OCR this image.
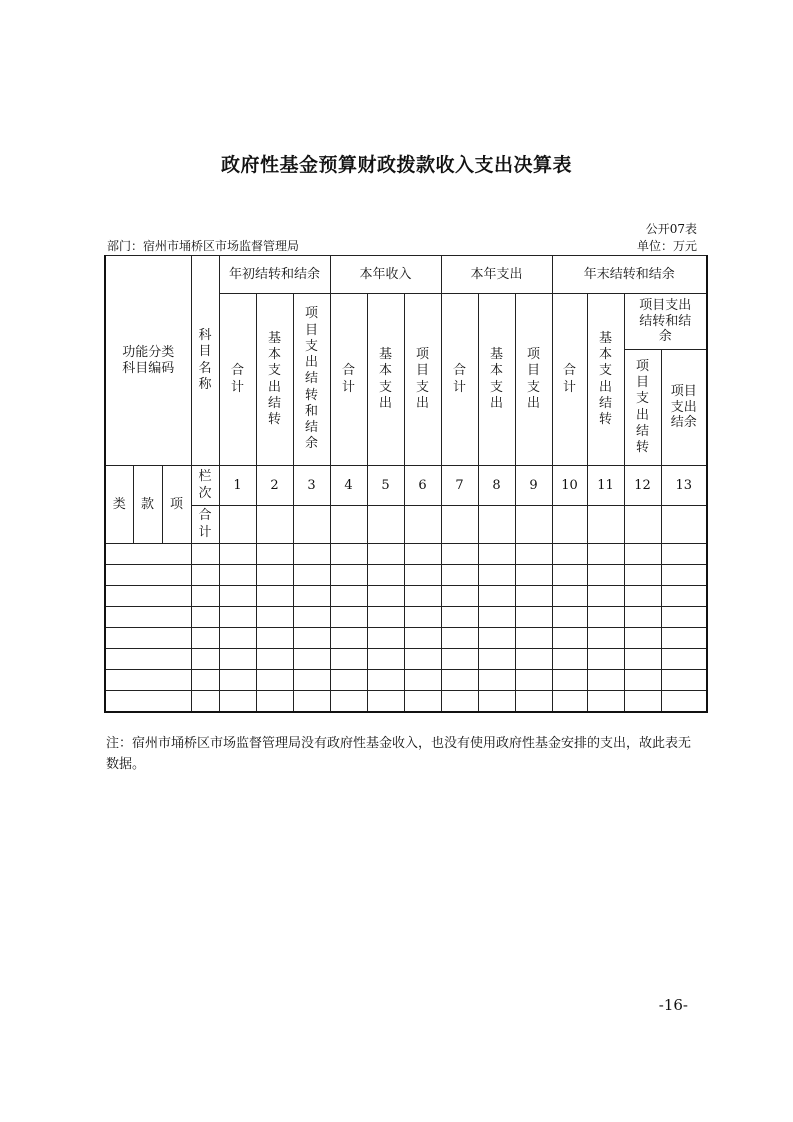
政府性基金预算财政拨款收入支出决算表
公开07表
部门：宿州市埇桥区市场监督管理局	单位：万元
功能分类科目编码			科目名称	年初结转和结余			本年收入			本年支出			年末结转和结余			
				合计	基本支出结转	项目支出结转和结余	合计	基本支出	项目支出	合计	基本支出	项目支出	合计	基本支出结转	项目支出结转和结余	
															项目支出结转	项目支出结余
类	款	项	栏次	1	2	3	4	5	6	7	8	9	10	11	12	13
			合计													

注：宿州市埇桥区市场监督管理局没有政府性基金收入，也没有使用政府性基金安排的支出，故此表无数据。
-16-
